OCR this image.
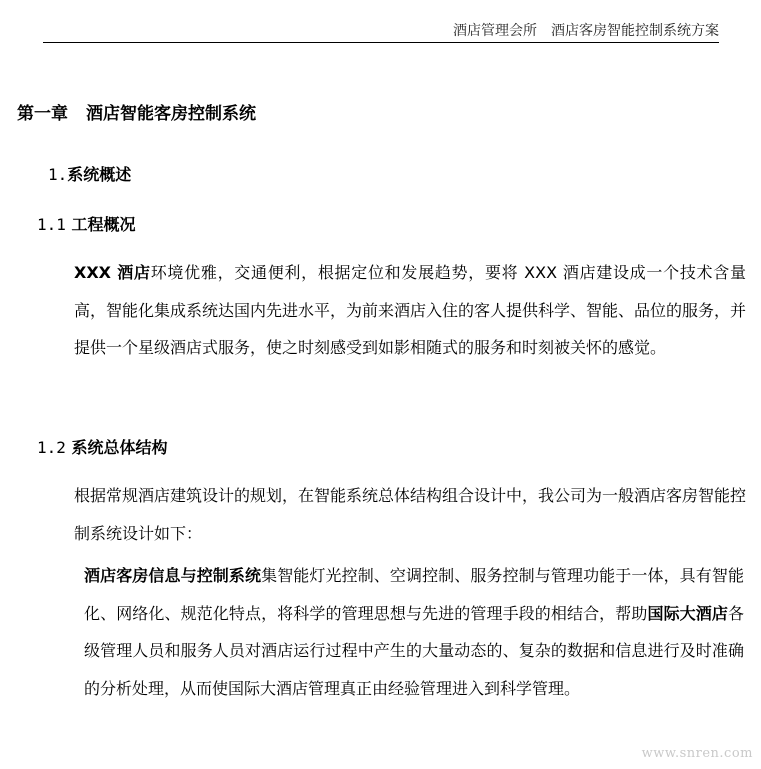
酒店管理会所　酒店客房智能控制系统方案
第一章 酒店智能客房控制系统
1.系统概述
1.1 工程概况

XXX 酒店环境优雅，交通便利，根据定位和发展趋势，要将 XXX 酒店建设成一个技术含量高，智能化集成系统达国内先进水平，为前来酒店入住的客人提供科学、智能、品位的服务，并提供一个星级酒店式服务，使之时刻感受到如影相随式的服务和时刻被关怀的感觉。

1.2 系统总体结构

根据常规酒店建筑设计的规划，在智能系统总体结构组合设计中，我公司为一般酒店客房智能控制系统设计如下：

酒店客房信息与控制系统集智能灯光控制、空调控制、服务控制与管理功能于一体，具有智能化、网络化、规范化特点，将科学的管理思想与先进的管理手段的相结合，帮助国际大酒店各级管理人员和服务人员对酒店运行过程中产生的大量动态的、复杂的数据和信息进行及时准确的分析处理，从而使国际大酒店管理真正由经验管理进入到科学管理。

www.snren.com
